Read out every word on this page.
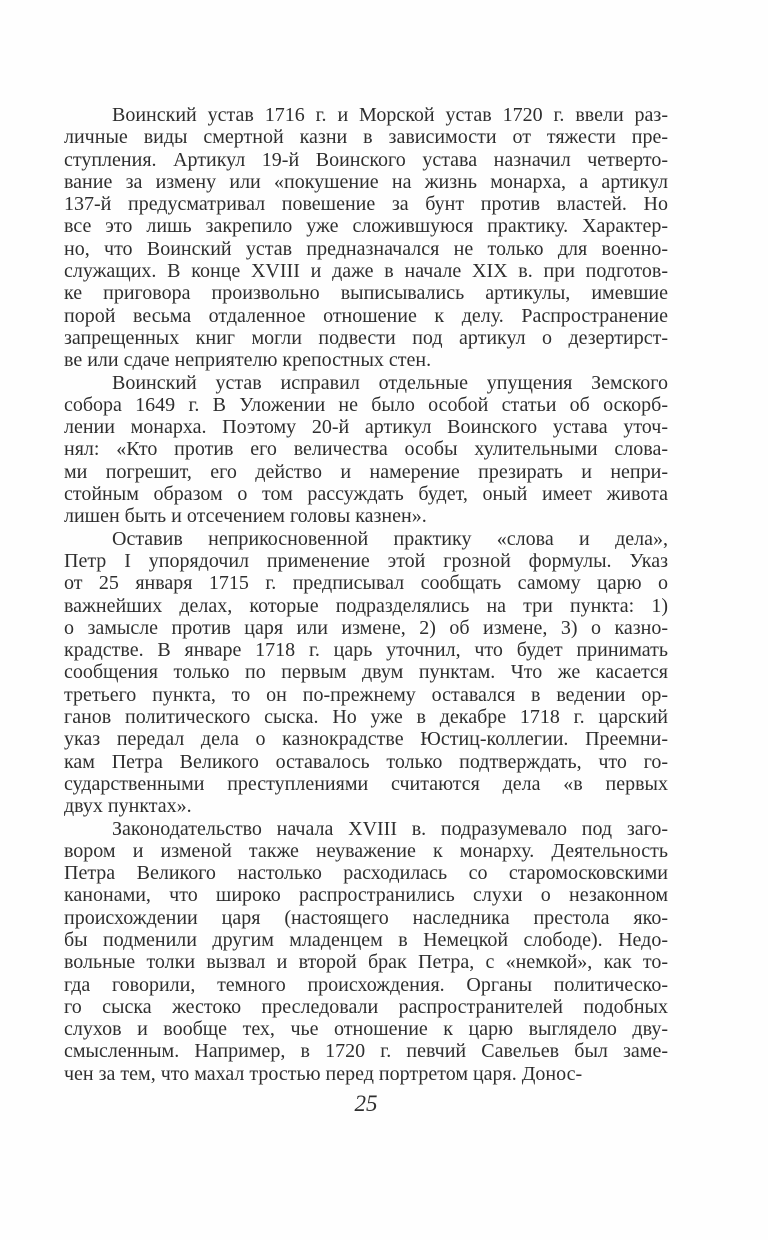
Воинский устав 1716 г. и Морской устав 1720 г. ввели раз-
личные виды смертной казни в зависимости от тяжести пре-
ступления. Артикул 19-й Воинского устава назначил четверто-
вание за измену или «покушение на жизнь монарха, а артикул
137-й предусматривал повешение за бунт против властей. Но
все это лишь закрепило уже сложившуюся практику. Характер-
но, что Воинский устав предназначался не только для военно-
служащих. В конце XVIII и даже в начале XIX в. при подготов-
ке приговора произвольно выписывались артикулы, имевшие
порой весьма отдаленное отношение к делу. Распространение
запрещенных книг могли подвести под артикул о дезертирст-
ве или сдаче неприятелю крепостных стен.

Воинский устав исправил отдельные упущения Земского
собора 1649 г. В Уложении не было особой статьи об оскорб-
лении монарха. Поэтому 20-й артикул Воинского устава уточ-
нял: «Кто против его величества особы хулительными слова-
ми погрешит, его действо и намерение презирать и непри-
стойным образом о том рассуждать будет, оный имеет живота
лишен быть и отсечением головы казнен».

Оставив неприкосновенной практику «слова и дела»,
Петр I упорядочил применение этой грозной формулы. Указ
от 25 января 1715 г. предписывал сообщать самому царю о
важнейших делах, которые подразделялись на три пункта: 1)
о замысле против царя или измене, 2) об измене, 3) о казно-
крадстве. В январе 1718 г. царь уточнил, что будет принимать
сообщения только по первым двум пунктам. Что же касается
третьего пункта, то он по-прежнему оставался в ведении ор-
ганов политического сыска. Но уже в декабре 1718 г. царский
указ передал дела о казнокрадстве Юстиц-коллегии. Преемни-
кам Петра Великого оставалось только подтверждать, что го-
сударственными преступлениями считаются дела «в первых
двух пунктах».

Законодательство начала XVIII в. подразумевало под заго-
вором и изменой также неуважение к монарху. Деятельность
Петра Великого настолько расходилась со старомосковскими
канонами, что широко распространились слухи о незаконном
происхождении царя (настоящего наследника престола яко-
бы подменили другим младенцем в Немецкой слободе). Недо-
вольные толки вызвал и второй брак Петра, с «немкой», как то-
гда говорили, темного происхождения. Органы политическо-
го сыска жестоко преследовали распространителей подобных
слухов и вообще тех, чье отношение к царю выглядело дву-
смысленным. Например, в 1720 г. певчий Савельев был заме-
чен за тем, что махал тростью перед портретом царя. Донос-

25
